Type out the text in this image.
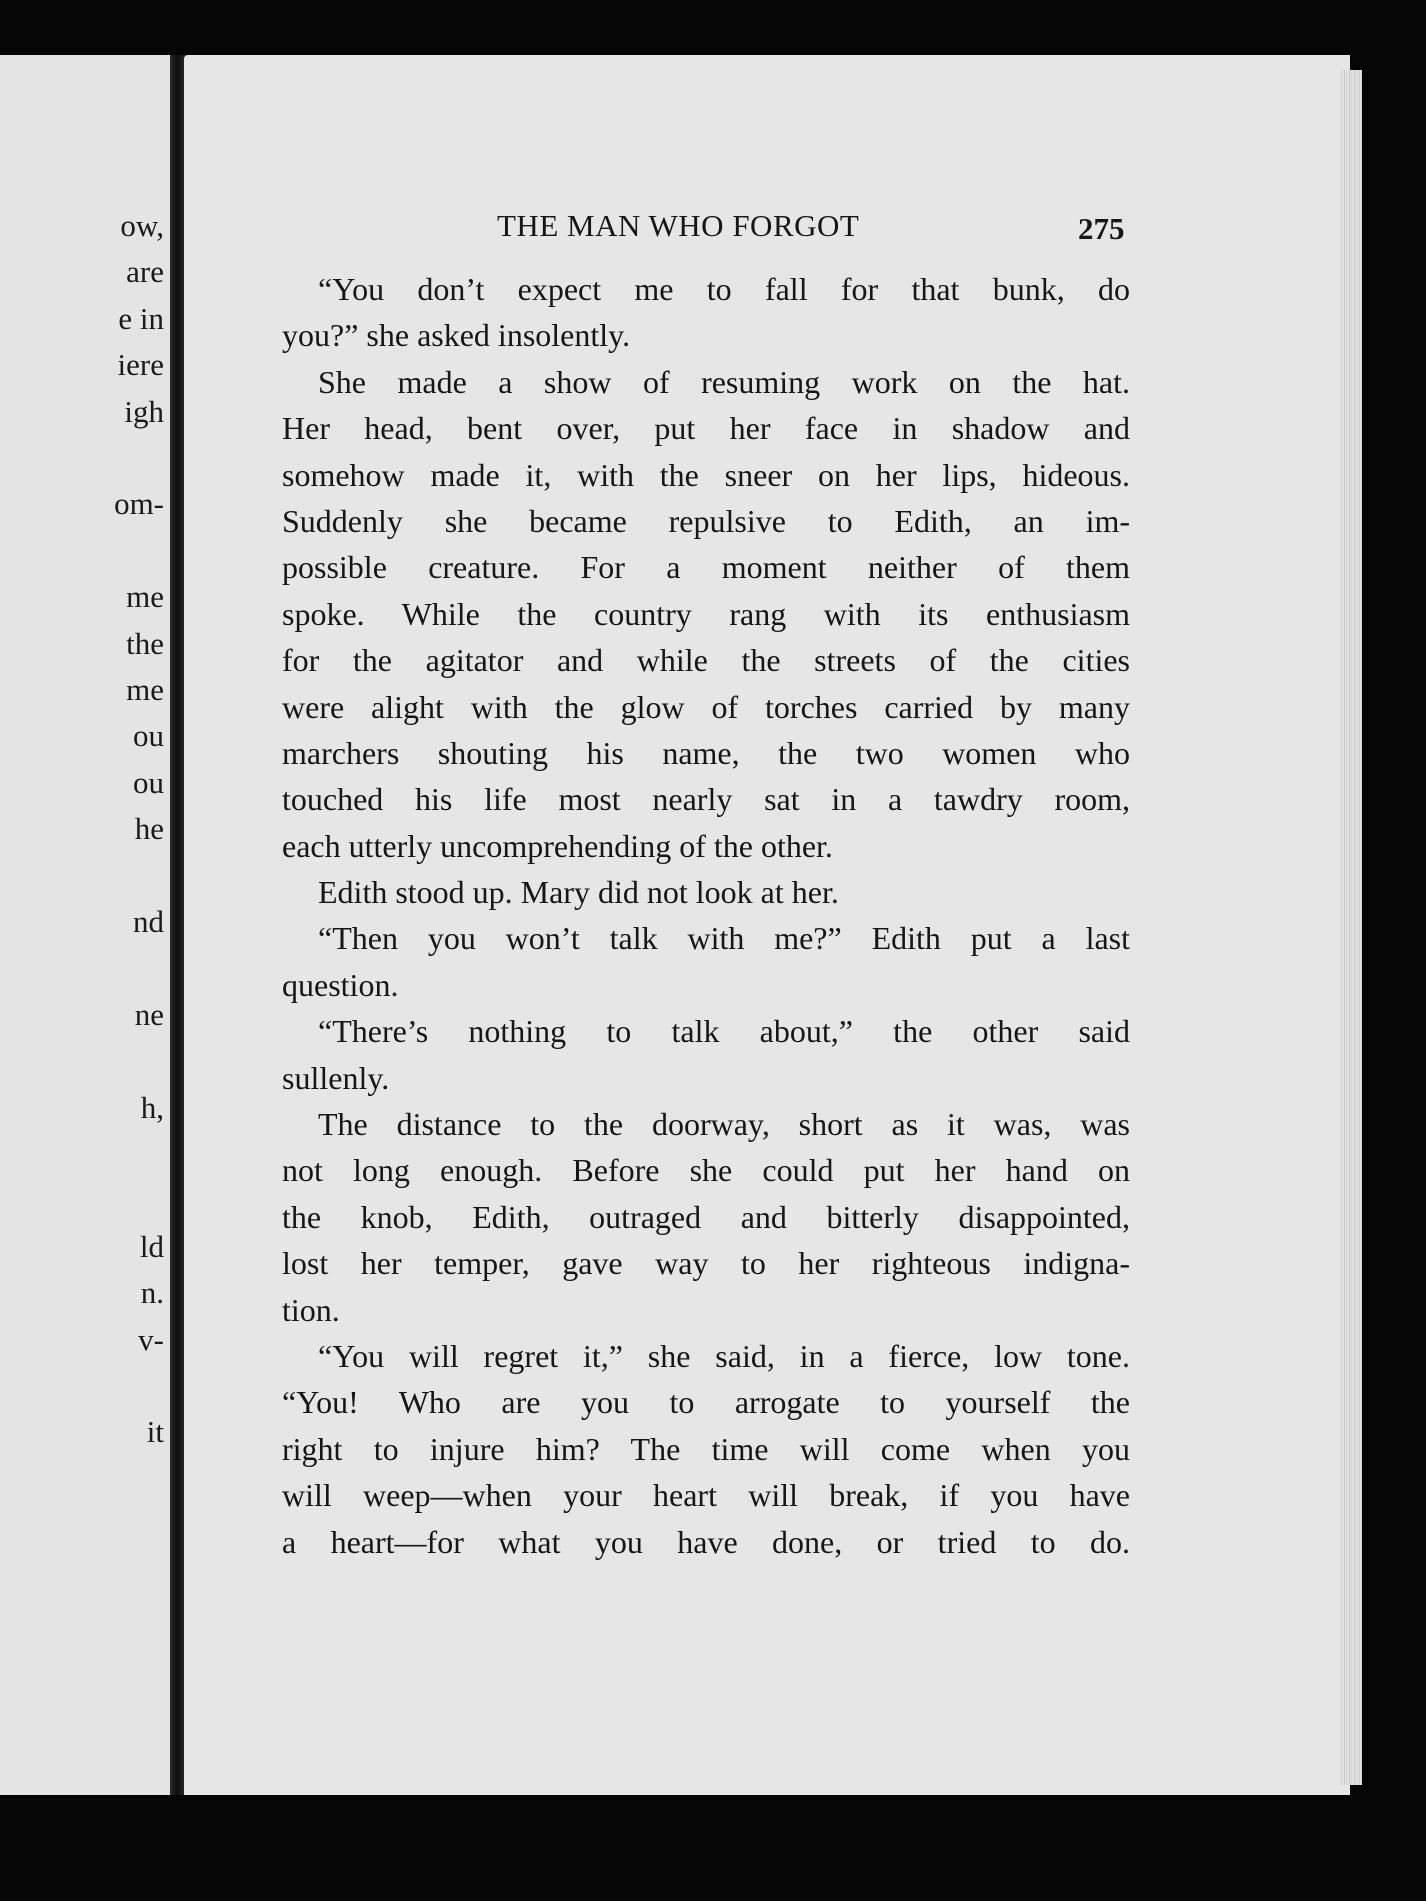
ow,
are
e in
iere
igh
om-
me
the
me
ou
ou
he
nd
ne
h,
ld
n.
v-
it
THE MAN WHO FORGOT	275
“You don’t expect me to fall for that bunk, do
you?” she asked insolently.
She made a show of resuming work on the hat.
Her head, bent over, put her face in shadow and
somehow made it, with the sneer on her lips, hideous.
Suddenly she became repulsive to Edith, an im-
possible creature. For a moment neither of them
spoke. While the country rang with its enthusiasm
for the agitator and while the streets of the cities
were alight with the glow of torches carried by many
marchers shouting his name, the two women who
touched his life most nearly sat in a tawdry room,
each utterly uncomprehending of the other.
Edith stood up. Mary did not look at her.
“Then you won’t talk with me?” Edith put a last
question.
“There’s nothing to talk about,” the other said
sullenly.
The distance to the doorway, short as it was, was
not long enough. Before she could put her hand on
the knob, Edith, outraged and bitterly disappointed,
lost her temper, gave way to her righteous indigna-
tion.
“You will regret it,” she said, in a fierce, low tone.
“You! Who are you to arrogate to yourself the
right to injure him? The time will come when you
will weep—when your heart will break, if you have
a heart—for what you have done, or tried to do.
